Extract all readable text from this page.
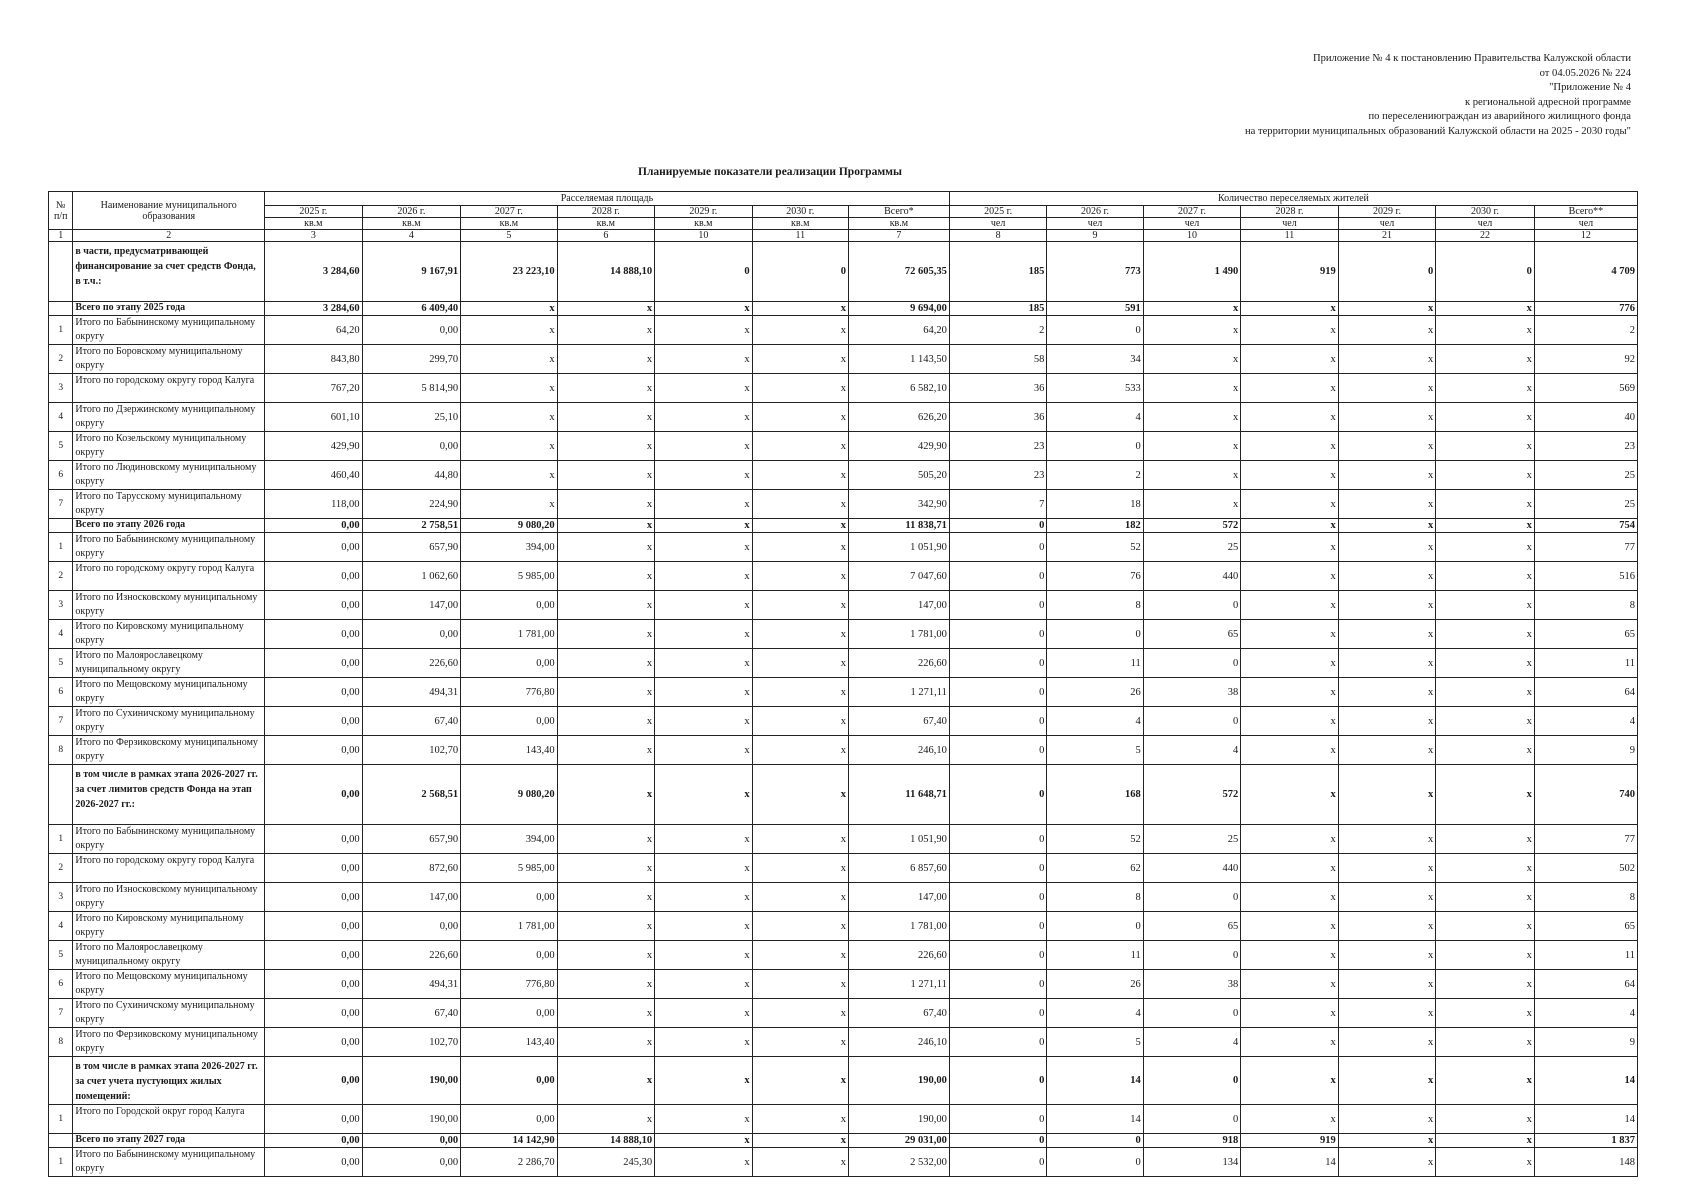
Приложение № 4 к постановлению Правительства Калужской области
от 04.05.2026 № 224
"Приложение № 4
к региональной адресной программе
по переселениюграждан из аварийного жилищного фонда
на территории муниципальных образований Калужской области на 2025 - 2030 годы"
Планируемые показатели реализации Программы
№ п/п	Наименование муниципального образования	Расселяемая площадь							Количество переселяемых жителей						
		2025 г.	2026 г.	2027 г.	2028 г.	2029 г.	2030 г.	Всего*	2025 г.	2026 г.	2027 г.	2028 г.	2029 г.	2030 г.	Всего**
		кв.м	кв.м	кв.м	кв.м	кв.м	кв.м	кв.м	чел	чел	чел	чел	чел	чел	чел
1	2	3	4	5	6	10	11	7	8	9	10	11	21	22	12
	в части, предусматривающей финансирование за счет средств Фонда, в т.ч.:	3 284,60	9 167,91	23 223,10	14 888,10	0	0	72 605,35	185	773	1 490	919	0	0	4 709
	Всего по этапу 2025 года	3 284,60	6 409,40	x	x	x	x	9 694,00	185	591	x	x	x	x	776
1	Итого по Бабынинскому муниципальному округу	64,20	0,00	x	x	x	x	64,20	2	0	x	x	x	x	2
2	Итого по Боровскому муниципальному округу	843,80	299,70	x	x	x	x	1 143,50	58	34	x	x	x	x	92
3	Итого по городскому округу город Калуга	767,20	5 814,90	x	x	x	x	6 582,10	36	533	x	x	x	x	569
4	Итого по Дзержинскому муниципальному округу	601,10	25,10	x	x	x	x	626,20	36	4	x	x	x	x	40
5	Итого по Козельскому муниципальному округу	429,90	0,00	x	x	x	x	429,90	23	0	x	x	x	x	23
6	Итого по Людиновскому муниципальному округу	460,40	44,80	x	x	x	x	505,20	23	2	x	x	x	x	25
7	Итого по Тарусскому муниципальному округу	118,00	224,90	x	x	x	x	342,90	7	18	x	x	x	x	25
	Всего по этапу 2026 года	0,00	2 758,51	9 080,20	x	x	x	11 838,71	0	182	572	x	x	x	754
1	Итого по Бабынинскому муниципальному округу	0,00	657,90	394,00	x	x	x	1 051,90	0	52	25	x	x	x	77
2	Итого по городскому округу город Калуга	0,00	1 062,60	5 985,00	x	x	x	7 047,60	0	76	440	x	x	x	516
3	Итого по Износковскому муниципальному округу	0,00	147,00	0,00	x	x	x	147,00	0	8	0	x	x	x	8
4	Итого по Кировскому муниципальному округу	0,00	0,00	1 781,00	x	x	x	1 781,00	0	0	65	x	x	x	65
5	Итого по Малоярославецкому муниципальному округу	0,00	226,60	0,00	x	x	x	226,60	0	11	0	x	x	x	11
6	Итого по Мещовскому муниципальному округу	0,00	494,31	776,80	x	x	x	1 271,11	0	26	38	x	x	x	64
7	Итого по Сухиничскому муниципальному округу	0,00	67,40	0,00	x	x	x	67,40	0	4	0	x	x	x	4
8	Итого по Ферзиковскому муниципальному округу	0,00	102,70	143,40	x	x	x	246,10	0	5	4	x	x	x	9
	в том числе в рамках этапа 2026-2027 гг. за счет лимитов средств Фонда на этап 2026-2027 гг.:	0,00	2 568,51	9 080,20	x	x	x	11 648,71	0	168	572	x	x	x	740
1	Итого по Бабынинскому муниципальному округу	0,00	657,90	394,00	x	x	x	1 051,90	0	52	25	x	x	x	77
2	Итого по городскому округу город Калуга	0,00	872,60	5 985,00	x	x	x	6 857,60	0	62	440	x	x	x	502
3	Итого по Износковскому муниципальному округу	0,00	147,00	0,00	x	x	x	147,00	0	8	0	x	x	x	8
4	Итого по Кировскому муниципальному округу	0,00	0,00	1 781,00	x	x	x	1 781,00	0	0	65	x	x	x	65
5	Итого по Малоярославецкому муниципальному округу	0,00	226,60	0,00	x	x	x	226,60	0	11	0	x	x	x	11
6	Итого по Мещовскому муниципальному округу	0,00	494,31	776,80	x	x	x	1 271,11	0	26	38	x	x	x	64
7	Итого по Сухиничскому муниципальному округу	0,00	67,40	0,00	x	x	x	67,40	0	4	0	x	x	x	4
8	Итого по Ферзиковскому муниципальному округу	0,00	102,70	143,40	x	x	x	246,10	0	5	4	x	x	x	9
	в том числе в рамках этапа 2026-2027 гг. за счет учета пустующих жилых помещений:	0,00	190,00	0,00	x	x	x	190,00	0	14	0	x	x	x	14
1	Итого по Городской округ город Калуга	0,00	190,00	0,00	x	x	x	190,00	0	14	0	x	x	x	14
	Всего по этапу 2027 года	0,00	0,00	14 142,90	14 888,10	x	x	29 031,00	0	0	918	919	x	x	1 837
1	Итого по Бабынинскому муниципальному округу	0,00	0,00	2 286,70	245,30	x	x	2 532,00	0	0	134	14	x	x	148
